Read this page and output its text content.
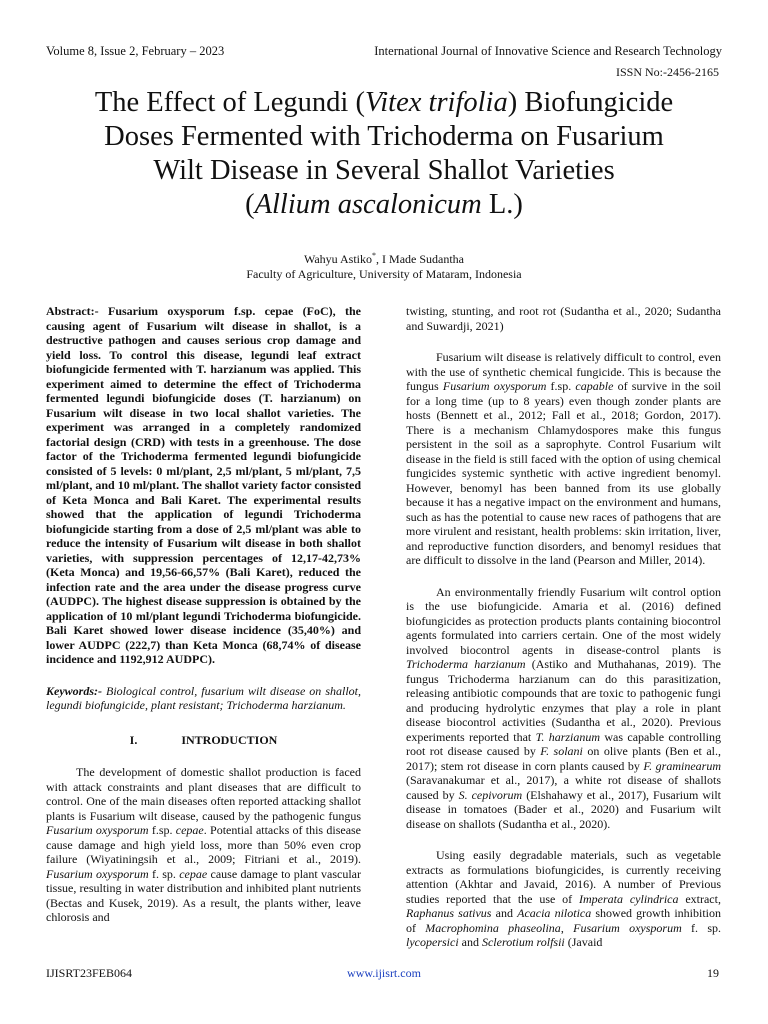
Volume 8, Issue 2, February – 2023	International Journal of Innovative Science and Research Technology
ISSN No:-2456-2165
The Effect of Legundi (Vitex trifolia) Biofungicide
Doses Fermented with Trichoderma on Fusarium
Wilt Disease in Several Shallot Varieties
(Allium ascalonicum L.)
Wahyu Astiko*, I Made Sudantha
Faculty of Agriculture, University of Mataram, Indonesia

Abstract:- Fusarium oxysporum f.sp. cepae (FoC), the causing agent of Fusarium wilt disease in shallot, is a destructive pathogen and causes serious crop damage and yield loss. To control this disease, legundi leaf extract biofungicide fermented with T. harzianum was applied. This experiment aimed to determine the effect of Trichoderma fermented legundi biofungicide doses (T. harzianum) on Fusarium wilt disease in two local shallot varieties. The experiment was arranged in a completely randomized factorial design (CRD) with tests in a greenhouse. The dose factor of the Trichoderma fermented legundi biofungicide consisted of 5 levels: 0 ml/plant, 2,5 ml/plant, 5 ml/plant, 7,5 ml/plant, and 10 ml/plant. The shallot variety factor consisted of Keta Monca and Bali Karet. The experimental results showed that the application of legundi Trichoderma biofungicide starting from a dose of 2,5 ml/plant was able to reduce the intensity of Fusarium wilt disease in both shallot varieties, with suppression percentages of 12,17-42,73% (Keta Monca) and 19,56-66,57% (Bali Karet), reduced the infection rate and the area under the disease progress curve (AUDPC). The highest disease suppression is obtained by the application of 10 ml/plant legundi Trichoderma biofungicide. Bali Karet showed lower disease incidence (35,40%) and lower AUDPC (222,7) than Keta Monca (68,74% of disease incidence and 1192,912 AUDPC).

Keywords:- Biological control, fusarium wilt disease on shallot, legundi biofungicide, plant resistant; Trichoderma harzianum.

I.	INTRODUCTION

The development of domestic shallot production is faced with attack constraints and plant diseases that are difficult to control. One of the main diseases often reported attacking shallot plants is Fusarium wilt disease, caused by the pathogenic fungus Fusarium oxysporum f.sp. cepae. Potential attacks of this disease cause damage and high yield loss, more than 50% even crop failure (Wiyatiningsih et al., 2009; Fitriani et al., 2019). Fusarium oxysporum f. sp. cepae cause damage to plant vascular tissue, resulting in water distribution and inhibited plant nutrients (Bectas and Kusek, 2019). As a result, the plants wither, leave chlorosis and

twisting, stunting, and root rot (Sudantha et al., 2020; Sudantha and Suwardji, 2021)

Fusarium wilt disease is relatively difficult to control, even with the use of synthetic chemical fungicide. This is because the fungus Fusarium oxysporum f.sp. capable of survive in the soil for a long time (up to 8 years) even though zonder plants are hosts (Bennett et al., 2012; Fall et al., 2018; Gordon, 2017). There is a mechanism Chlamydospores make this fungus persistent in the soil as a saprophyte. Control Fusarium wilt disease in the field is still faced with the option of using chemical fungicides systemic synthetic with active ingredient benomyl. However, benomyl has been banned from its use globally because it has a negative impact on the environment and humans, such as has the potential to cause new races of pathogens that are more virulent and resistant, health problems: skin irritation, liver, and reproductive function disorders, and benomyl residues that are difficult to dissolve in the land (Pearson and Miller, 2014).

An environmentally friendly Fusarium wilt control option is the use biofungicide. Amaria et al. (2016) defined biofungicides as protection products plants containing biocontrol agents formulated into carriers certain. One of the most widely involved biocontrol agents in disease-control plants is Trichoderma harzianum (Astiko and Muthahanas, 2019). The fungus Trichoderma harzianum can do this parasitization, releasing antibiotic compounds that are toxic to pathogenic fungi and producing hydrolytic enzymes that play a role in plant disease biocontrol activities (Sudantha et al., 2020). Previous experiments reported that T. harzianum was capable controlling root rot disease caused by F. solani on olive plants (Ben et al., 2017); stem rot disease in corn plants caused by F. graminearum (Saravanakumar et al., 2017), a white rot disease of shallots caused by S. cepivorum (Elshahawy et al., 2017), Fusarium wilt disease in tomatoes (Bader et al., 2020) and Fusarium wilt disease on shallots (Sudantha et al., 2020).

Using easily degradable materials, such as vegetable extracts as formulations biofungicides, is currently receiving attention (Akhtar and Javaid, 2016). A number of Previous studies reported that the use of Imperata cylindrica extract, Raphanus sativus and Acacia nilotica showed growth inhibition of Macrophomina phaseolina, Fusarium oxysporum f. sp. lycopersici and Sclerotium rolfsii (Javaid

IJISRT23FEB064	www.ijisrt.com	19
